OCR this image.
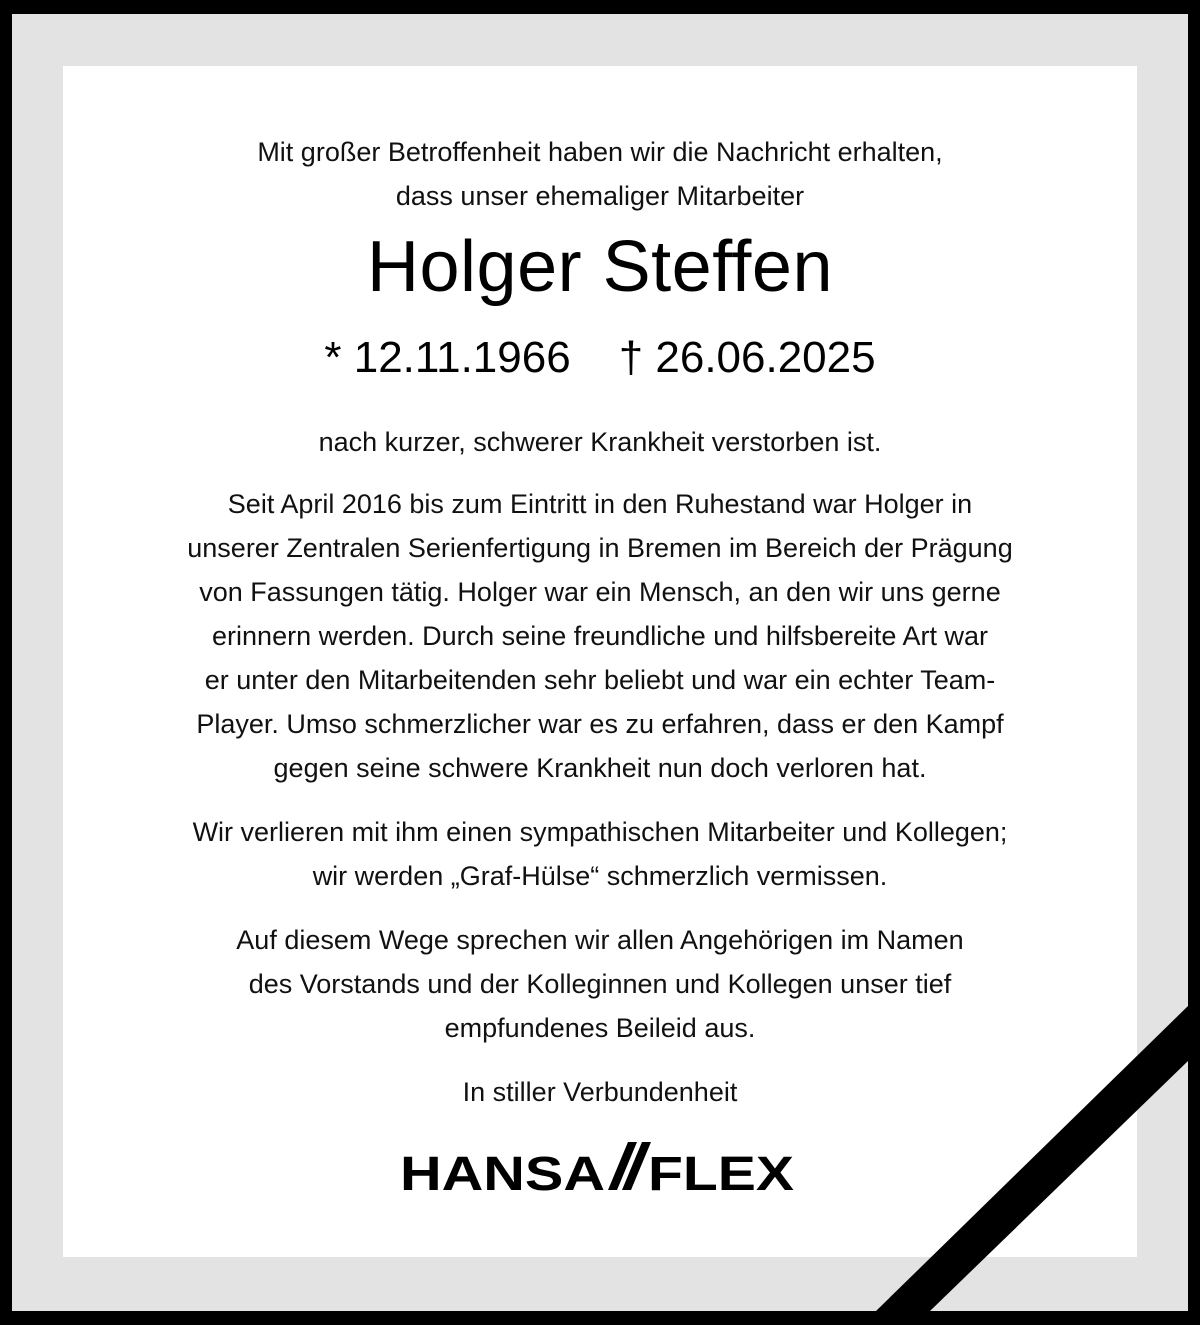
Mit großer Betroffenheit haben wir die Nachricht erhalten,
dass unser ehemaliger Mitarbeiter

Holger Steffen

* 12.11.1966 † 26.06.2025

nach kurzer, schwerer Krankheit verstorben ist.

Seit April 2016 bis zum Eintritt in den Ruhestand war Holger in
unserer Zentralen Serienfertigung in Bremen im Bereich der Prägung
von Fassungen tätig. Holger war ein Mensch, an den wir uns gerne
erinnern werden. Durch seine freundliche und hilfsbereite Art war
er unter den Mitarbeitenden sehr beliebt und war ein echter Team-
Player. Umso schmerzlicher war es zu erfahren, dass er den Kampf
gegen seine schwere Krankheit nun doch verloren hat.

Wir verlieren mit ihm einen sympathischen Mitarbeiter und Kollegen;
wir werden „Graf-Hülse“ schmerzlich vermissen.

Auf diesem Wege sprechen wir allen Angehörigen im Namen
des Vorstands und der Kolleginnen und Kollegen unser tief
empfundenes Beileid aus.

In stiller Verbundenheit

HANSA FLEX
